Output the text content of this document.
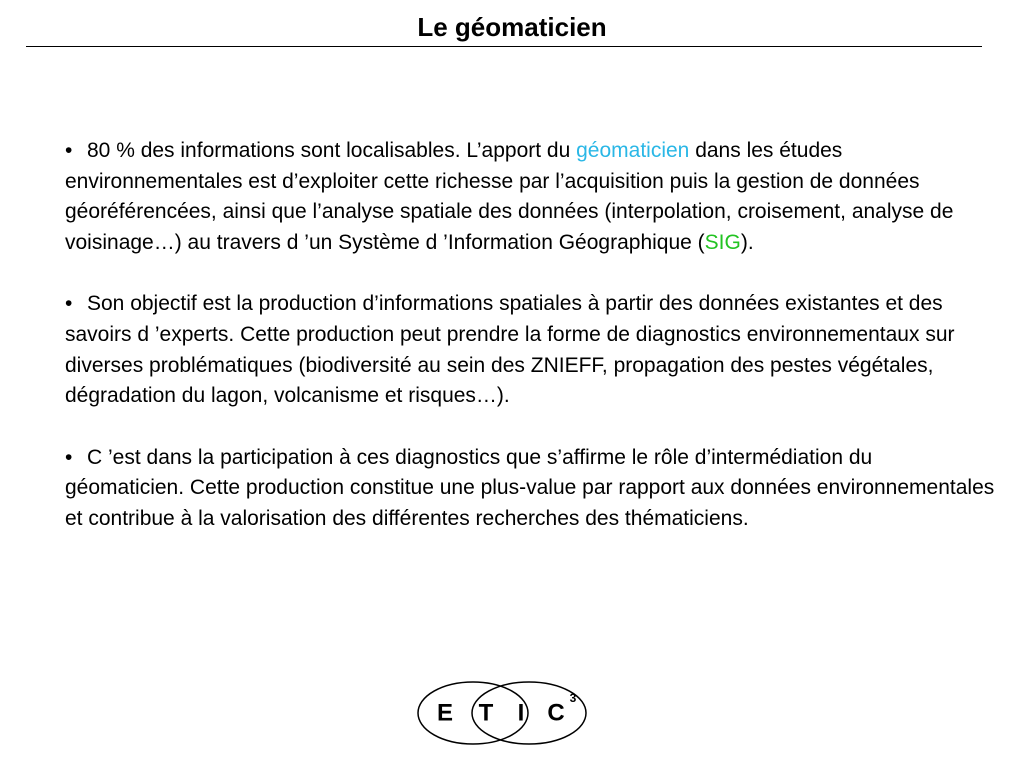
Le géomaticien

• 80 % des informations sont localisables. L’apport du géomaticien dans les études environnementales est d’exploiter cette richesse par l’acquisition puis la gestion de données géoréférencées, ainsi que l’analyse spatiale des données (interpolation, croisement, analyse de voisinage…) au travers d ’un Système d ’Information Géographique (SIG).

• Son objectif est la production d’informations spatiales à partir des données existantes et des savoirs d ’experts. Cette production peut prendre la forme de diagnostics environnementaux sur diverses problématiques (biodiversité au sein des ZNIEFF, propagation des pestes végétales, dégradation du lagon, volcanisme et risques…).

• C ’est dans la participation à ces diagnostics que s’affirme le rôle d’intermédiation du géomaticien. Cette production constitue une plus-value par rapport aux données environnementales et contribue à la valorisation des différentes recherches des thématiciens.

E T I C
3
